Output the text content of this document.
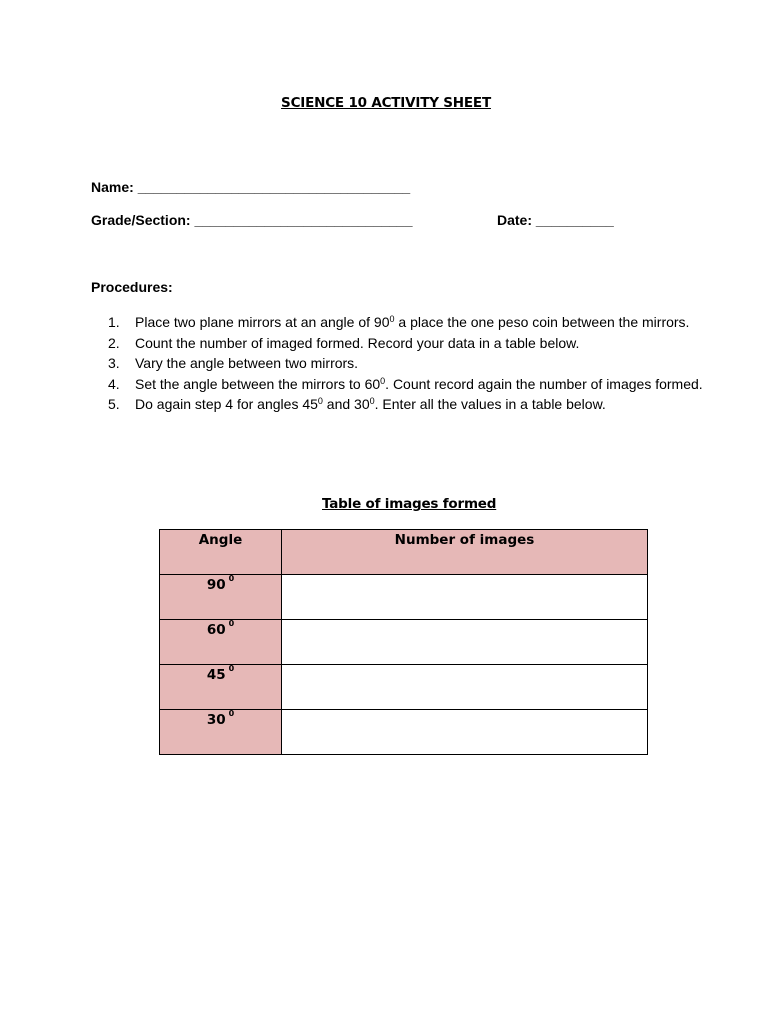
SCIENCE 10 ACTIVITY SHEET
Name: ___________________________________
Grade/Section: ____________________________	Date: __________
Procedures:
1.	Place two plane mirrors at an angle of $90^0$ a place the one peso coin between the mirrors.
2.	Count the number of imaged formed. Record your data in a table below.
3.	Vary the angle between two mirrors.
4.	Set the angle between the mirrors to $60^0$. Count record again the number of images formed.
5.	Do again step 4 for angles $45^0$ and $30^0$. Enter all the values in a table below.
Table of images formed
Angle	Number of images
90 $^0$	
60 $^0$	
45 $^0$	
30 $^0$	
